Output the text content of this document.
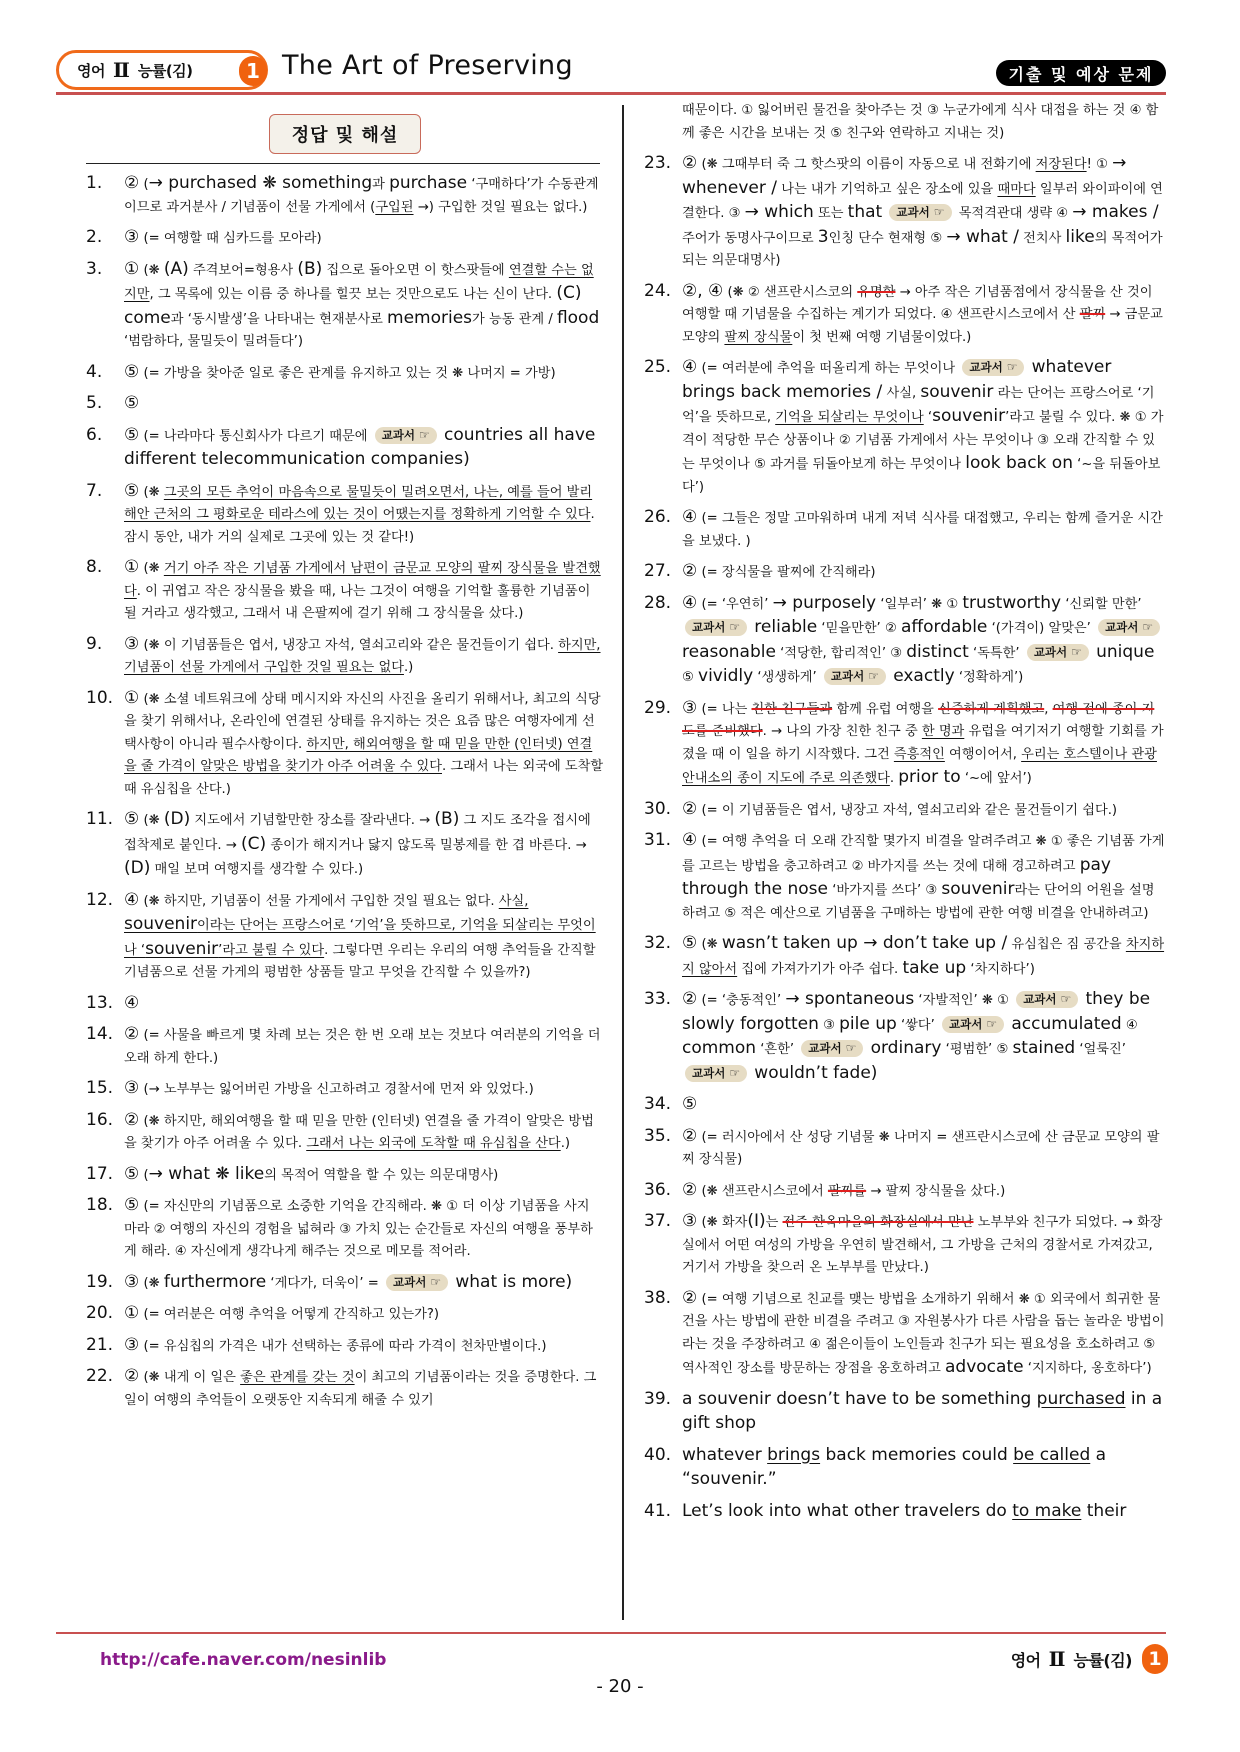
영어 Ⅱ 능률(김)	1 The Art of Preserving	기출 및 예상 문제
정답 및 해설
1. ② (→ purchased ❋ something과 purchase ‘구매하다’가 수동관계이므로 과거분사 / 기념품이 선물 가게에서 (구입된 →) 구입한 것일 필요는 없다.)
2. ③ (= 여행할 때 심카드를 모아라)
3. ① (❋ (A) 주격보어=형용사 (B) 집으로 돌아오면 이 핫스팟들에 연결할 수는 없지만, 그 목록에 있는 이름 중 하나를 힐끗 보는 것만으로도 나는 신이 난다. (C) come과 ‘동시발생’을 나타내는 현재분사로 memories가 능동 관계 / flood ‘범람하다, 물밀듯이 밀려들다’)
4. ⑤ (= 가방을 찾아준 일로 좋은 관계를 유지하고 있는 것 ❋ 나머지 = 가방)
5. ⑤
6. ⑤ (= 나라마다 통신회사가 다르기 때문에 교과서 ☞ countries all have different telecommunication companies)
7. ⑤ (❋ 그곳의 모든 추억이 마음속으로 물밀듯이 밀려오면서, 나는, 예를 들어 발리 해안 근처의 그 평화로운 테라스에 있는 것이 어땠는지를 정확하게 기억할 수 있다. 잠시 동안, 내가 거의 실제로 그곳에 있는 것 같다!)
8. ① (❋ 거기 아주 작은 기념품 가게에서 남편이 금문교 모양의 팔찌 장식물을 발견했다. 이 귀엽고 작은 장식물을 봤을 때, 나는 그것이 여행을 기억할 훌륭한 기념품이 될 거라고 생각했고, 그래서 내 은팔찌에 걸기 위해 그 장식물을 샀다.)
9. ③ (❋ 이 기념품들은 엽서, 냉장고 자석, 열쇠고리와 같은 물건들이기 쉽다. 하지만, 기념품이 선물 가게에서 구입한 것일 필요는 없다.)
10. ① (❋ 소셜 네트워크에 상태 메시지와 자신의 사진을 올리기 위해서나, 최고의 식당을 찾기 위해서나, 온라인에 연결된 상태를 유지하는 것은 요즘 많은 여행자에게 선택사항이 아니라 필수사항이다. 하지만, 해외여행을 할 때 믿을 만한 (인터넷) 연결을 줄 가격이 알맞은 방법을 찾기가 아주 어려울 수 있다. 그래서 나는 외국에 도착할 때 유심칩을 산다.)
11. ⑤ (❋ (D) 지도에서 기념할만한 장소를 잘라낸다. → (B) 그 지도 조각을 접시에 접착제로 붙인다. → (C) 종이가 해지거나 닳지 않도록 밀봉제를 한 겹 바른다. → (D) 매일 보며 여행지를 생각할 수 있다.)
12. ④ (❋ 하지만, 기념품이 선물 가게에서 구입한 것일 필요는 없다. 사실, souvenir이라는 단어는 프랑스어로 ‘기억’을 뜻하므로, 기억을 되살리는 무엇이나 ‘souvenir’라고 불릴 수 있다. 그렇다면 우리는 우리의 여행 추억들을 간직할 기념품으로 선물 가게의 평범한 상품들 말고 무엇을 간직할 수 있을까?)
13. ④
14. ② (= 사물을 빠르게 몇 차례 보는 것은 한 번 오래 보는 것보다 여러분의 기억을 더 오래 하게 한다.)
15. ③ (→ 노부부는 잃어버린 가방을 신고하려고 경찰서에 먼저 와 있었다.)
16. ② (❋ 하지만, 해외여행을 할 때 믿을 만한 (인터넷) 연결을 줄 가격이 알맞은 방법을 찾기가 아주 어려울 수 있다. 그래서 나는 외국에 도착할 때 유심칩을 산다.)
17. ⑤ (→ what ❋ like의 목적어 역할을 할 수 있는 의문대명사)
18. ⑤ (= 자신만의 기념품으로 소중한 기억을 간직해라. ❋ ① 더 이상 기념품을 사지 마라 ② 여행의 자신의 경험을 넓혀라 ③ 가치 있는 순간들로 자신의 여행을 풍부하게 해라. ④ 자신에게 생각나게 해주는 것으로 메모를 적어라.
19. ③ (❋ furthermore ‘게다가, 더욱이’ = 교과서 ☞ what is more)
20. ① (= 여러분은 여행 추억을 어떻게 간직하고 있는가?)
21. ③ (= 유심칩의 가격은 내가 선택하는 종류에 따라 가격이 천차만별이다.)
22. ② (❋ 내게 이 일은 좋은 관계를 갖는 것이 최고의 기념품이라는 것을 증명한다. 그 일이 여행의 추억들이 오랫동안 지속되게 해줄 수 있기
때문이다. ① 잃어버린 물건을 찾아주는 것 ③ 누군가에게 식사 대접을 하는 것 ④ 함께 좋은 시간을 보내는 것 ⑤ 친구와 연락하고 지내는 것)
23. ② (❋ 그때부터 죽 그 핫스팟의 이름이 자동으로 내 전화기에 저장된다! ① → whenever / 나는 내가 기억하고 싶은 장소에 있을 때마다 일부러 와이파이에 연결한다. ③ → which 또는 that 교과서 ☞ 목적격관대 생략 ④ → makes / 주어가 동명사구이므로 3인칭 단수 현재형 ⑤ → what / 전치사 like의 목적어가 되는 의문대명사)
24. ②, ④ (❋ ② 샌프란시스코의 유명한 → 아주 작은 기념품점에서 장식물을 산 것이 여행할 때 기념물을 수집하는 계기가 되었다. ④ 샌프란시스코에서 산 팔찌 → 금문교 모양의 팔찌 장식물이 첫 번째 여행 기념물이었다.)
25. ④ (= 여러분에 추억을 떠올리게 하는 무엇이나 교과서 ☞ whatever brings back memories / 사실, souvenir 라는 단어는 프랑스어로 ‘기억’을 뜻하므로, 기억을 되살리는 무엇이나 ‘souvenir’라고 불릴 수 있다. ❋ ① 가격이 적당한 무슨 상품이나 ② 기념품 가게에서 사는 무엇이나 ③ 오래 간직할 수 있는 무엇이나 ⑤ 과거를 뒤돌아보게 하는 무엇이나 look back on ‘~을 뒤돌아보다’)
26. ④ (= 그들은 정말 고마워하며 내게 저녁 식사를 대접했고, 우리는 함께 즐거운 시간을 보냈다. )
27. ② (= 장식물을 팔찌에 간직해라)
28. ④ (= ‘우연히’ → purposely ‘일부러’ ❋ ① trustworthy ‘신뢰할 만한’ 교과서 ☞ reliable ‘믿을만한’ ② affordable ‘(가격이) 알맞은’ 교과서 ☞ reasonable ‘적당한, 합리적인’ ③ distinct ‘독특한’ 교과서 ☞ unique ⑤ vividly ‘생생하게’ 교과서 ☞ exactly ‘정확하게’)
29. ③ (= 나는 친한 친구들과 함께 유럽 여행을 신중하게 계획했고, 여행 전에 종이 지도를 준비했다. → 나의 가장 친한 친구 중 한 명과 유럽을 여기저기 여행할 기회를 가졌을 때 이 일을 하기 시작했다. 그건 즉흥적인 여행이어서, 우리는 호스텔이나 관광안내소의 종이 지도에 주로 의존했다. prior to ‘~에 앞서’)
30. ② (= 이 기념품들은 엽서, 냉장고 자석, 열쇠고리와 같은 물건들이기 쉽다.)
31. ④ (= 여행 추억을 더 오래 간직할 몇가지 비결을 알려주려고 ❋ ① 좋은 기념품 가게를 고르는 방법을 충고하려고 ② 바가지를 쓰는 것에 대해 경고하려고 pay through the nose ‘바가지를 쓰다’ ③ souvenir라는 단어의 어원을 설명하려고 ⑤ 적은 예산으로 기념품을 구매하는 방법에 관한 여행 비결을 안내하려고)
32. ⑤ (❋ wasn’t taken up → don’t take up / 유심칩은 짐 공간을 차지하지 않아서 집에 가져가기가 아주 쉽다. take up ‘차지하다’)
33. ② (= ‘충동적인’ → spontaneous ‘자발적인’ ❋ ① 교과서 ☞ they be slowly forgotten ③ pile up ‘쌓다’ 교과서 ☞ accumulated ④ common ‘흔한’ 교과서 ☞ ordinary ‘평범한’ ⑤ stained ‘얼룩진’ 교과서 ☞ wouldn’t fade)
34. ⑤
35. ② (= 러시아에서 산 성당 기념물 ❋ 나머지 = 샌프란시스코에 산 금문교 모양의 팔찌 장식물)
36. ② (❋ 샌프란시스코에서 팔찌를 → 팔찌 장식물을 샀다.)
37. ③ (❋ 화자(I)는 전주 한옥마을의 화장실에서 만난 노부부와 친구가 되었다. → 화장실에서 어떤 여성의 가방을 우연히 발견해서, 그 가방을 근처의 경찰서로 가져갔고, 거기서 가방을 찾으러 온 노부부를 만났다.)
38. ② (= 여행 기념으로 친교를 맺는 방법을 소개하기 위해서 ❋ ① 외국에서 희귀한 물건을 사는 방법에 관한 비결을 주려고 ③ 자원봉사가 다른 사람을 돕는 놀라운 방법이라는 것을 주장하려고 ④ 젊은이들이 노인들과 친구가 되는 필요성을 호소하려고 ⑤ 역사적인 장소를 방문하는 장점을 옹호하려고 advocate ‘지지하다, 옹호하다’)
39. a souvenir doesn’t have to be something purchased in a gift shop
40. whatever brings back memories could be called a “souvenir.”
41. Let’s look into what other travelers do to make their
http://cafe.naver.com/nesinlib	영어 Ⅱ 능률(김) 1
- 20 -
